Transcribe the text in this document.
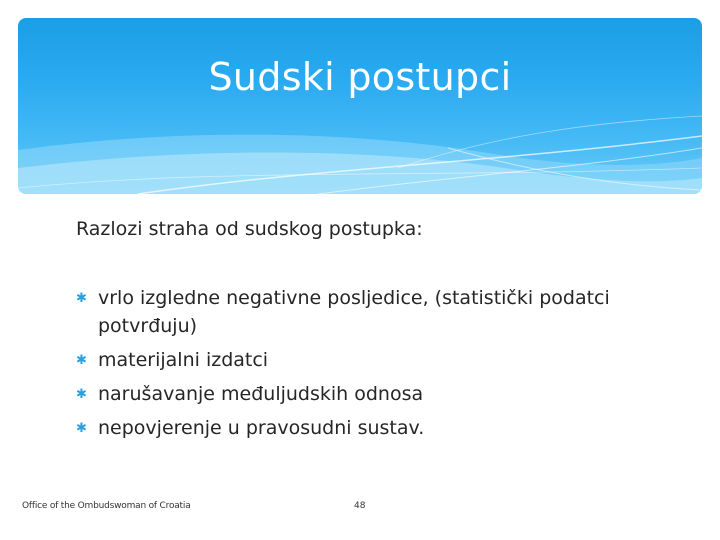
Sudski postupci
Razlozi straha od sudskog postupka:
✱ vrlo izgledne negativne posljedice, (statistički podatci potvrđuju)
✱ materijalni izdatci
✱ narušavanje međuljudskih odnosa
✱ nepovjerenje u pravosudni sustav.
Office of the Ombudswoman of Croatia	48
